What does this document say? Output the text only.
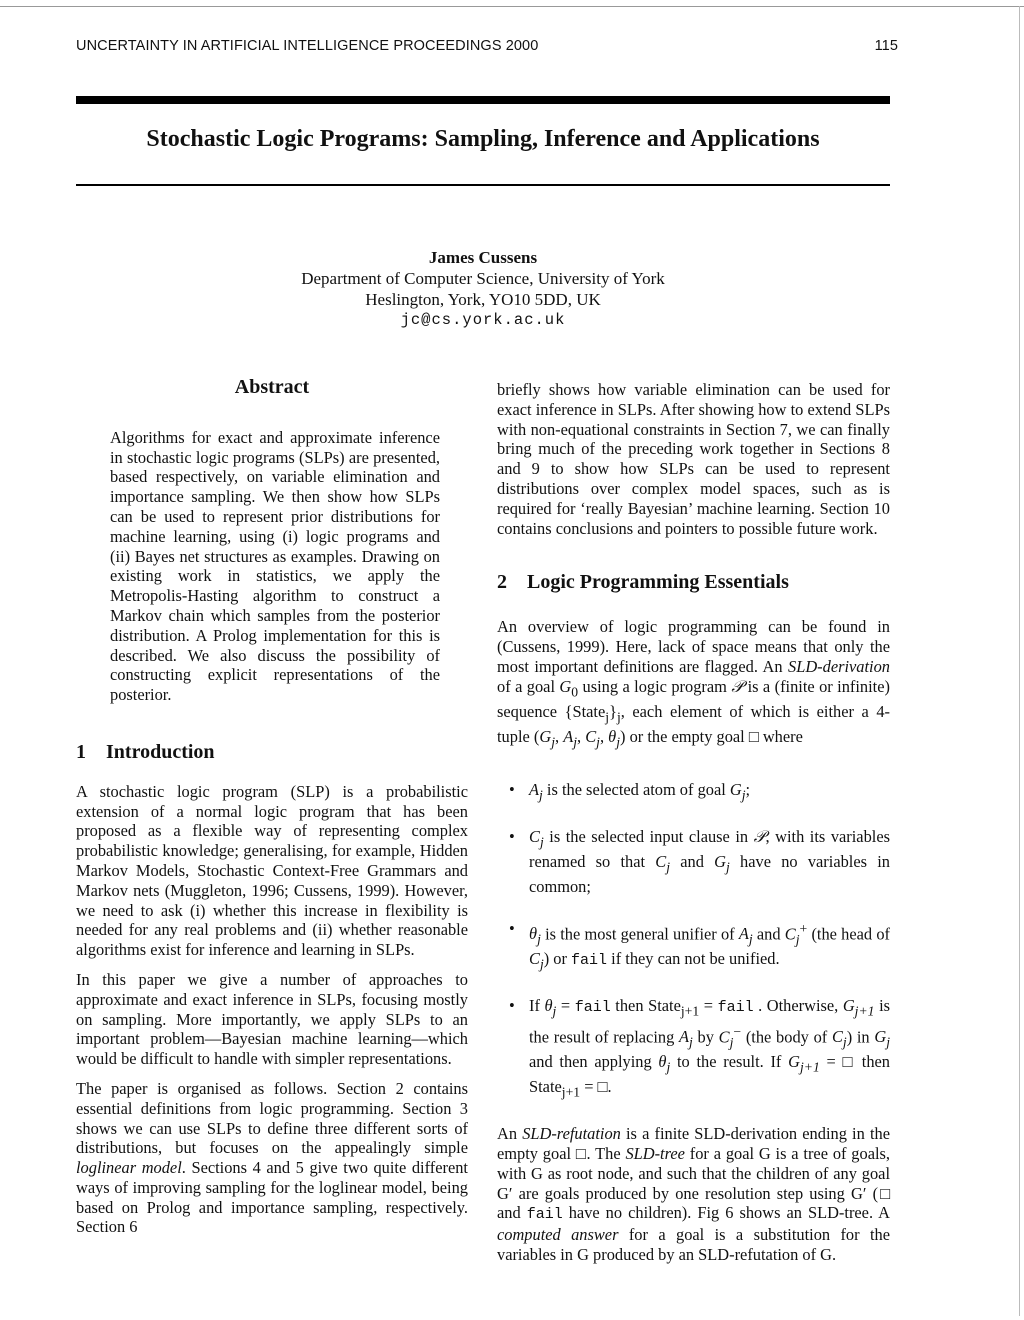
UNCERTAINTY IN ARTIFICIAL INTELLIGENCE PROCEEDINGS 2000	115
Stochastic Logic Programs: Sampling, Inference and Applications
James Cussens
Department of Computer Science, University of York
Heslington, York, YO10 5DD, UK
jc@cs.york.ac.uk
Abstract

Algorithms for exact and approximate inference in stochastic logic programs (SLPs) are presented, based respectively, on variable elimination and importance sampling. We then show how SLPs can be used to represent prior distributions for machine learning, using (i) logic programs and (ii) Bayes net structures as examples. Drawing on existing work in statistics, we apply the Metropolis-Hasting algorithm to construct a Markov chain which samples from the posterior distribution. A Prolog implementation for this is described. We also discuss the possibility of constructing explicit representations of the posterior.

1 Introduction

A stochastic logic program (SLP) is a probabilistic extension of a normal logic program that has been proposed as a flexible way of representing complex probabilistic knowledge; generalising, for example, Hidden Markov Models, Stochastic Context-Free Grammars and Markov nets (Muggleton, 1996; Cussens, 1999). However, we need to ask (i) whether this increase in flexibility is needed for any real problems and (ii) whether reasonable algorithms exist for inference and learning in SLPs.

In this paper we give a number of approaches to approximate and exact inference in SLPs, focusing mostly on sampling. More importantly, we apply SLPs to an important problem—Bayesian machine learning—which would be difficult to handle with simpler representations.

The paper is organised as follows. Section 2 contains essential definitions from logic programming. Section 3 shows we can use SLPs to define three different sorts of distributions, but focuses on the appealingly simple loglinear model. Sections 4 and 5 give two quite different ways of improving sampling for the loglinear model, being based on Prolog and importance sampling, respectively. Section 6

briefly shows how variable elimination can be used for exact inference in SLPs. After showing how to extend SLPs with non-equational constraints in Section 7, we can finally bring much of the preceding work together in Sections 8 and 9 to show how SLPs can be used to represent distributions over complex model spaces, such as is required for ‘really Bayesian’ machine learning. Section 10 contains conclusions and pointers to possible future work.

2 Logic Programming Essentials

An overview of logic programming can be found in (Cussens, 1999). Here, lack of space means that only the most important definitions are flagged. An SLD-derivation of a goal $G_0$ using a logic program 𝒫 is a (finite or infinite) sequence $\{State_j\}_j$, each element of which is either a 4-tuple ($G_j$, $A_j$, $C_j$, $\theta_j$) or the empty goal □ where

• $A_j$ is the selected atom of goal $G_j$;
• $C_j$ is the selected input clause in 𝒫, with its variables renamed so that $C_j$ and $G_j$ have no variables in common;
• $\theta_j$ is the most general unifier of $A_j$ and $C_j^+$ (the head of $C_j$) or fail if they can not be unified.
• If $\theta_j$ = fail then State$_{j+1}$ = fail . Otherwise, $G_{j+1}$ is the result of replacing $A_j$ by $C_j^-$ (the body of $C_j$) in $G_j$ and then applying $\theta_j$ to the result. If $G_{j+1}$ = □ then State$_{j+1}$ = □.

An SLD-refutation is a finite SLD-derivation ending in the empty goal □. The SLD-tree for a goal G is a tree of goals, with G as root node, and such that the children of any goal G′ are goals produced by one resolution step using G′ (□ and fail have no children). Fig 6 shows an SLD-tree. A computed answer for a goal is a substitution for the variables in G produced by an SLD-refutation of G.
